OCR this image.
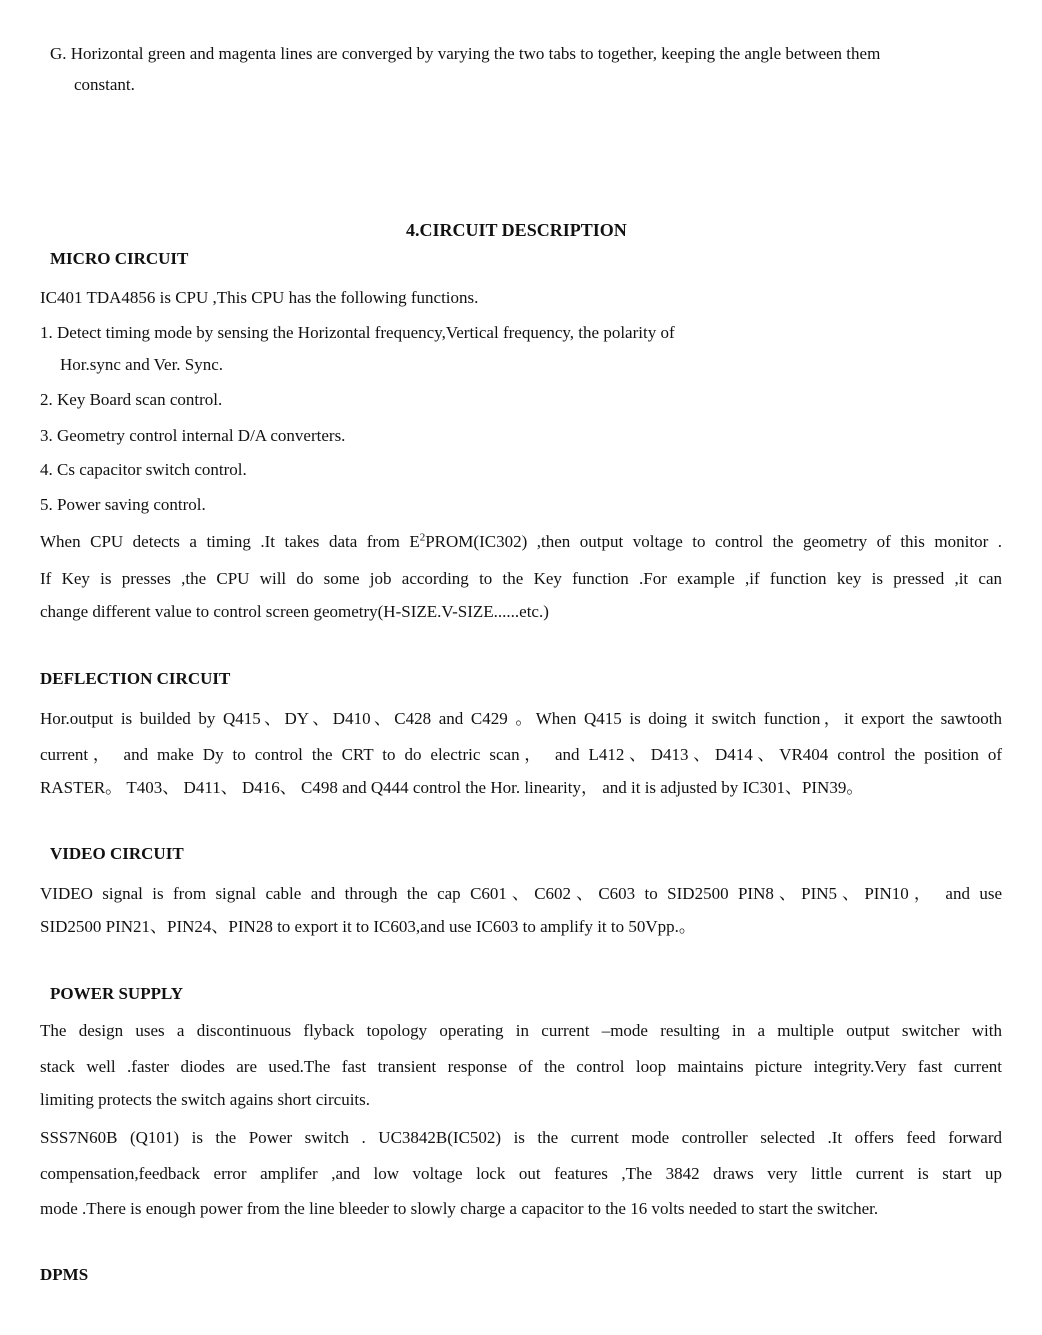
G. Horizontal green and magenta lines are converged by varying the two tabs to together, keeping the angle between them

constant.

4.CIRCUIT DESCRIPTION
MICRO CIRCUIT

IC401 TDA4856 is CPU ,This CPU has the following functions.

1. Detect timing mode by sensing the Horizontal frequency,Vertical frequency, the polarity of

Hor.sync and Ver. Sync.

2. Key Board scan control.

3. Geometry control internal D/A converters.

4. Cs capacitor switch control.

5. Power saving control.

When CPU detects a timing .It takes data from $E^2PROM(IC302)$ ,then output voltage to control the geometry of this monitor .

If Key is presses ,the CPU will do some job according to the Key function .For example ,if function key is pressed ,it can

change different value to control screen geometry(H-SIZE.V-SIZE......etc.)

DEFLECTION CIRCUIT

Hor.output is builded by Q415、DY、D410、C428 and C429 。When Q415 is doing it switch function，it export the sawtooth

current， and make Dy to control the CRT to do electric scan， and L412、D413、D414、VR404 control the position of

RASTER。 T403、 D411、 D416、 C498 and Q444 control the Hor. linearity， and it is adjusted by IC301、PIN39。

VIDEO CIRCUIT

VIDEO signal is from signal cable and through the cap C601、C602、C603 to SID2500 PIN8、PIN5、PIN10， and use

SID2500 PIN21、PIN24、PIN28 to export it to IC603,and use IC603 to amplify it to 50Vpp.。

POWER SUPPLY

The design uses a discontinuous flyback topology operating in current –mode resulting in a multiple output switcher with

stack well .faster diodes are used.The fast transient response of the control loop maintains picture integrity.Very fast current

limiting protects the switch agains short circuits.

SSS7N60B (Q101) is the Power switch . UC3842B(IC502) is the current mode controller selected .It offers feed forward

compensation,feedback error amplifer ,and low voltage lock out features ,The 3842 draws very little current is start up

mode .There is enough power from the line bleeder to slowly charge a capacitor to the 16 volts needed to start the switcher.

DPMS
